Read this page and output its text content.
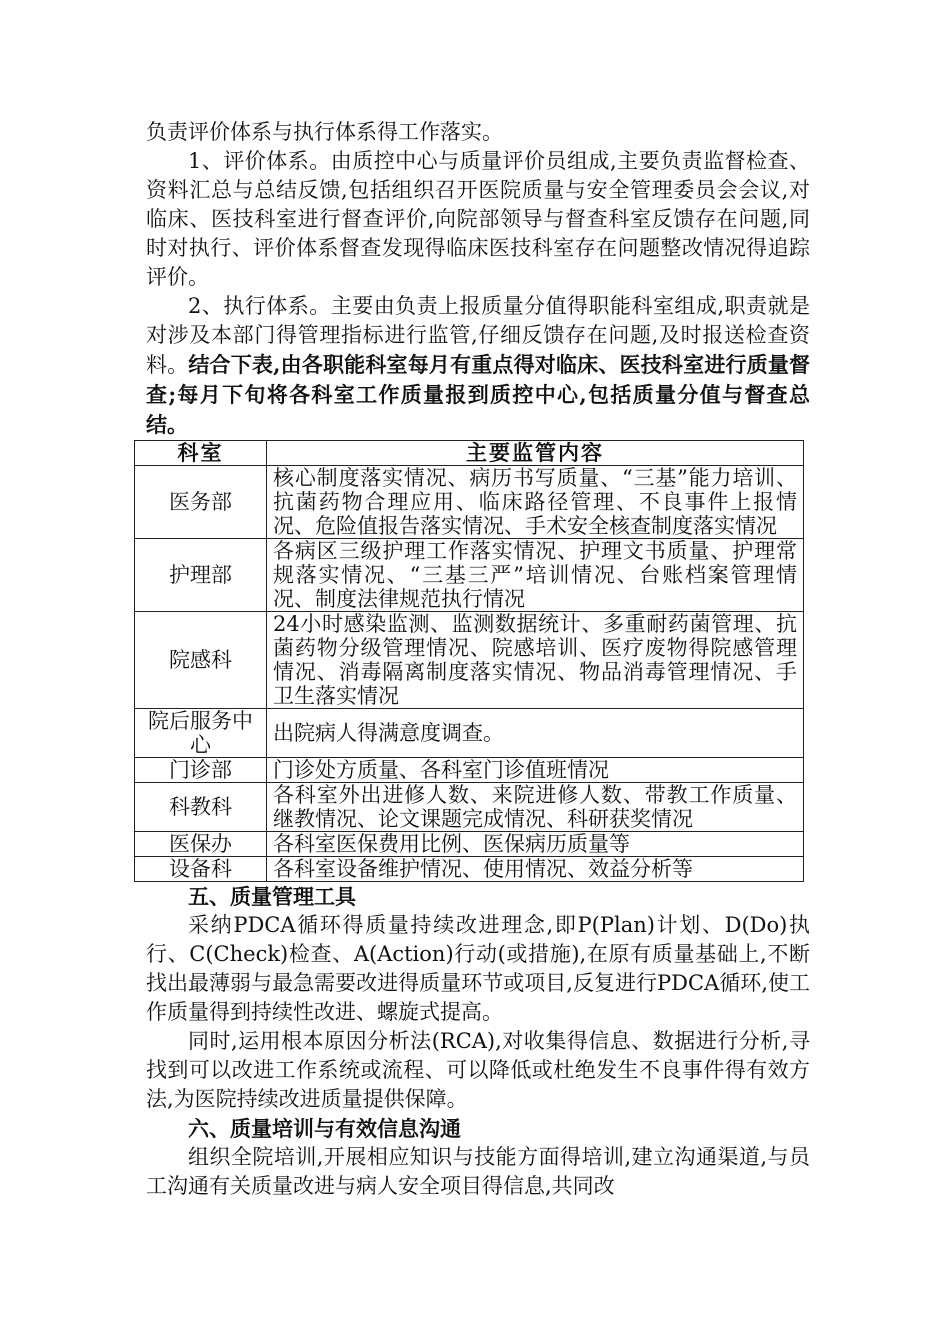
负责评价体系与执行体系得工作落实。

1、评价体系。由质控中心与质量评价员组成,主要负责监督检查、资料汇总与总结反馈,包括组织召开医院质量与安全管理委员会会议,对临床、医技科室进行督查评价,向院部领导与督查科室反馈存在问题,同时对执行、评价体系督查发现得临床医技科室存在问题整改情况得追踪评价。

2、执行体系。主要由负责上报质量分值得职能科室组成,职责就是对涉及本部门得管理指标进行监管,仔细反馈存在问题,及时报送检查资料。结合下表,由各职能科室每月有重点得对临床、医技科室进行质量督查;每月下旬将各科室工作质量报到质控中心,包括质量分值与督查总结。

科室	主要监管内容
医务部	核心制度落实情况、病历书写质量、“三基”能力培训、抗菌药物合理应用、临床路径管理、不良事件上报情况、危险值报告落实情况、手术安全核查制度落实情况
护理部	各病区三级护理工作落实情况、护理文书质量、护理常规落实情况、“三基三严”培训情况、台账档案管理情况、制度法律规范执行情况
院感科	24小时感染监测、监测数据统计、多重耐药菌管理、抗菌药物分级管理情况、院感培训、医疗废物得院感管理情况、消毒隔离制度落实情况、物品消毒管理情况、手卫生落实情况
院后服务中心	出院病人得满意度调查。
门诊部	门诊处方质量、各科室门诊值班情况
科教科	各科室外出进修人数、来院进修人数、带教工作质量、继教情况、论文课题完成情况、科研获奖情况
医保办	各科室医保费用比例、医保病历质量等
设备科	各科室设备维护情况、使用情况、效益分析等

五、质量管理工具

采纳PDCA循环得质量持续改进理念,即P(Plan)计划、D(Do)执行、C(Check)检查、A(Action)行动(或措施),在原有质量基础上,不断找出最薄弱与最急需要改进得质量环节或项目,反复进行PDCA循环,使工作质量得到持续性改进、螺旋式提高。

同时,运用根本原因分析法(RCA),对收集得信息、数据进行分析,寻找到可以改进工作系统或流程、可以降低或杜绝发生不良事件得有效方法,为医院持续改进质量提供保障。

六、质量培训与有效信息沟通

组织全院培训,开展相应知识与技能方面得培训,建立沟通渠道,与员工沟通有关质量改进与病人安全项目得信息,共同改
